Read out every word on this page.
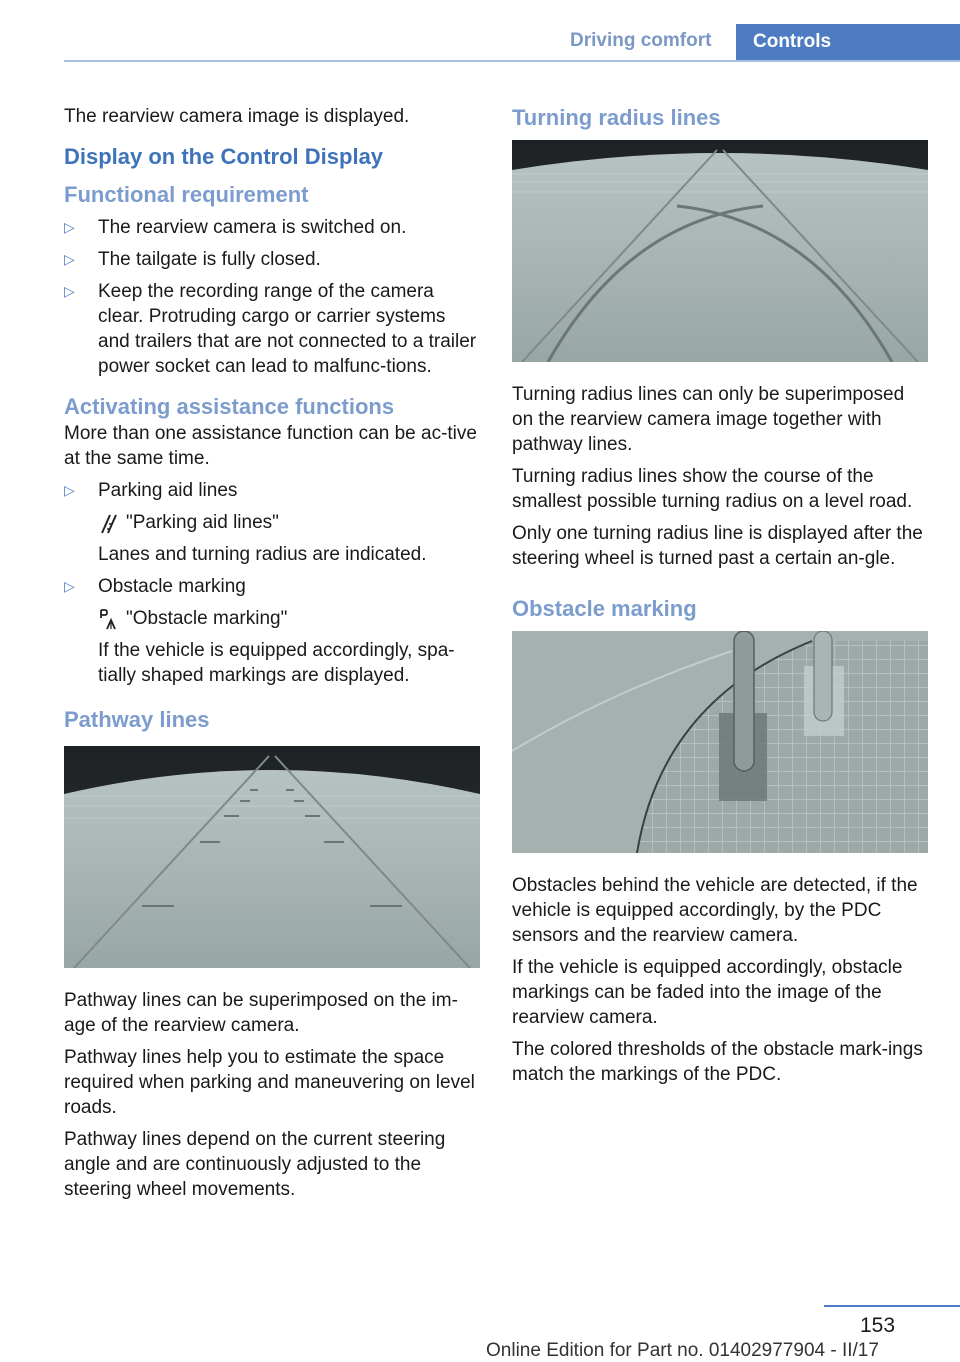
Driving comfort	Controls

The rearview camera image is displayed.

Display on the Control Display
Functional requirement
▷ The rearview camera is switched on.
▷ The tailgate is fully closed.
▷ Keep the recording range of the camera clear. Protruding cargo or carrier systems and trailers that are not connected to a trailer power socket can lead to malfunc-tions.
Activating assistance functions

More than one assistance function can be ac-tive at the same time.

▷ Parking aid lines
"Parking aid lines"
Lanes and turning radius are indicated.
▷ Obstacle marking
"Obstacle marking"
If the vehicle is equipped accordingly, spa-tially shaped markings are displayed.
Pathway lines

Pathway lines can be superimposed on the im-age of the rearview camera.

Pathway lines help you to estimate the space required when parking and maneuvering on level roads.

Pathway lines depend on the current steering angle and are continuously adjusted to the steering wheel movements.

Turning radius lines

Turning radius lines can only be superimposed on the rearview camera image together with pathway lines.

Turning radius lines show the course of the smallest possible turning radius on a level road.

Only one turning radius line is displayed after the steering wheel is turned past a certain an-gle.

Obstacle marking

Obstacles behind the vehicle are detected, if the vehicle is equipped accordingly, by the PDC sensors and the rearview camera.

If the vehicle is equipped accordingly, obstacle markings can be faded into the image of the rearview camera.

The colored thresholds of the obstacle mark-ings match the markings of the PDC.

153
Online Edition for Part no. 01402977904 - II/17
